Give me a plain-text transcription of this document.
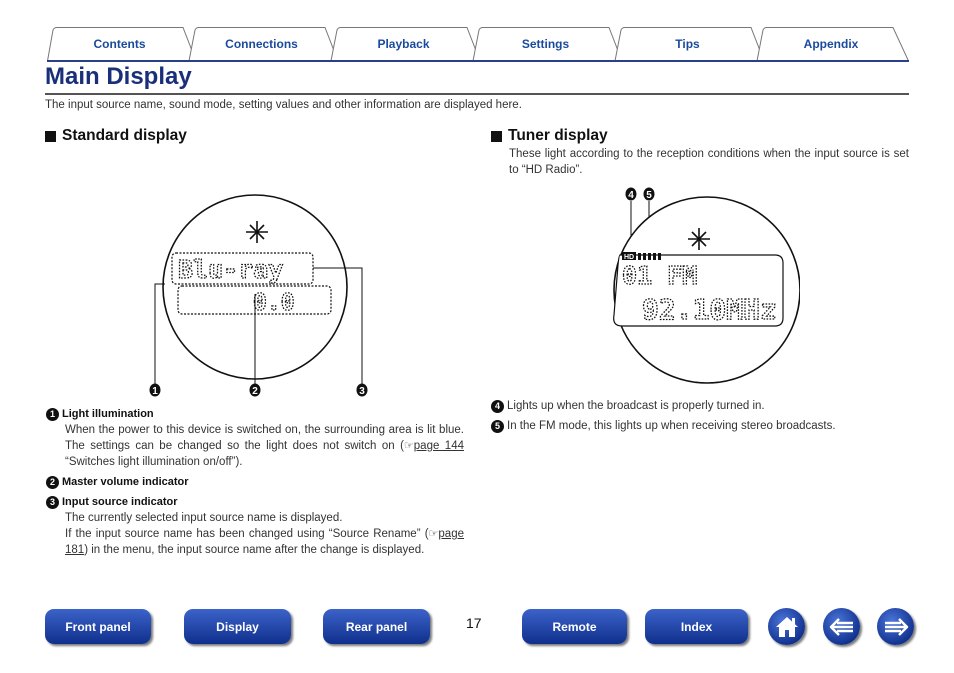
Contents	Connections	Playback	Settings	Tips	Appendix
Main Display

The input source name, sound mode, setting values and other information are displayed here.

Standard display
Blu-ray
0.0
1	2	3
1 Light illumination
When the power to this device is switched on, the surrounding area is lit blue. The settings can be changed so the light does not switch on (☞page 144 “Switches light illumination on/off”).
2 Master volume indicator
3 Input source indicator
The currently selected input source name is displayed.
If the input source name has been changed using “Source Rename” (☞page 181) in the menu, the input source name after the change is displayed.
Tuner display

These light according to the reception conditions when the input source is set to “HD Radio”.

4 5
HD
01 FM
92.10MHz
4 Lights up when the broadcast is properly turned in.
5 In the FM mode, this lights up when receiving stereo broadcasts.
Front panel	Display	Rear panel	17	Remote	Index
